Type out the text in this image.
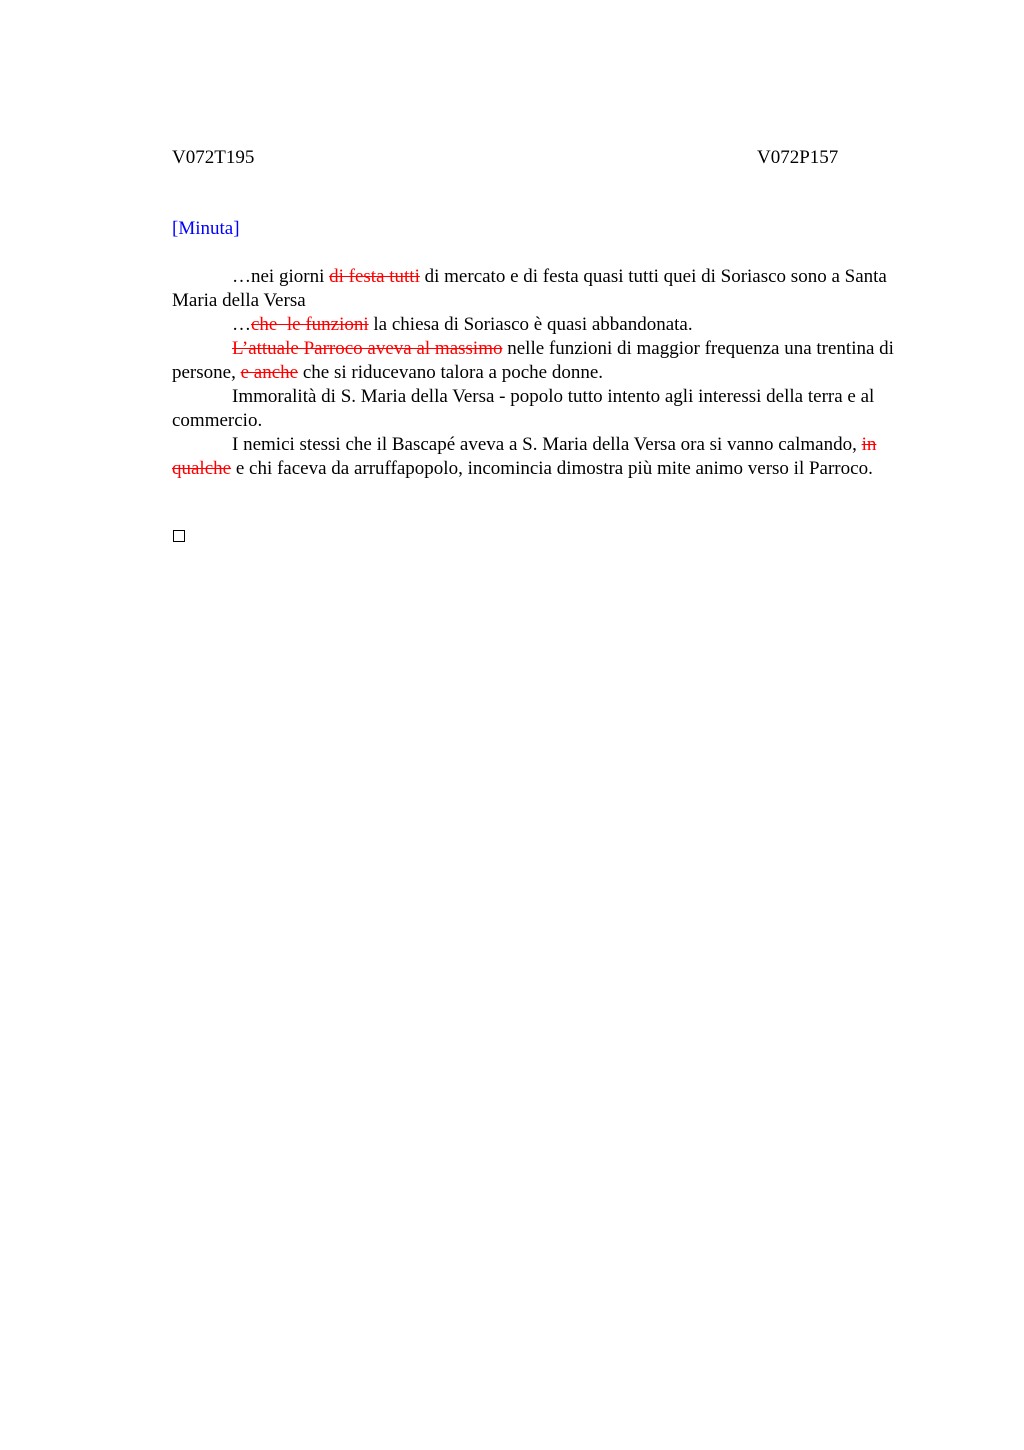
V072T195	V072P157
[Minuta]

…nei giorni di festa tutti di mercato e di festa quasi tutti quei di Soriasco sono a Santa Maria della Versa

…che  le funzioni la chiesa di Soriasco è quasi abbandonata.

L’attuale Parroco aveva al massimo nelle funzioni di maggior frequenza una trentina di persone, e anche che si riducevano talora a poche donne.

Immoralità di S. Maria della Versa - popolo tutto intento agli interessi della terra e al commercio.

I nemici stessi che il Bascapé aveva a S. Maria della Versa ora si vanno calmando, in qualche e chi faceva da arruffapopolo, incomincia dimostra più mite animo verso il Parroco.
